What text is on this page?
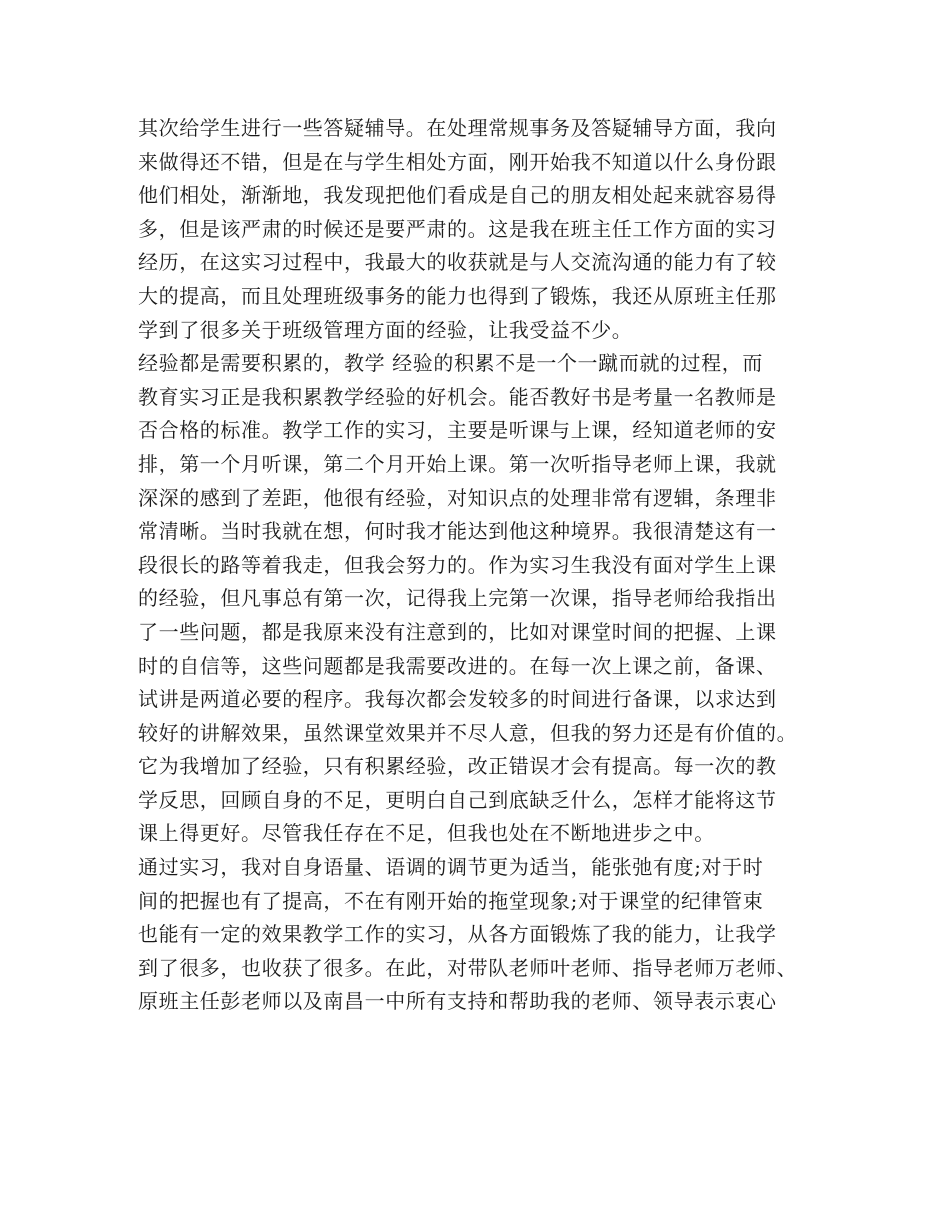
其次给学生进行一些答疑辅导。在处理常规事务及答疑辅导方面，我向
来做得还不错，但是在与学生相处方面，刚开始我不知道以什么身份跟
他们相处，渐渐地，我发现把他们看成是自己的朋友相处起来就容易得
多，但是该严肃的时候还是要严肃的。这是我在班主任工作方面的实习
经历，在这实习过程中，我最大的收获就是与人交流沟通的能力有了较
大的提高，而且处理班级事务的能力也得到了锻炼，我还从原班主任那
学到了很多关于班级管理方面的经验，让我受益不少。
经验都是需要积累的，教学 经验的积累不是一个一蹴而就的过程，而
教育实习正是我积累教学经验的好机会。能否教好书是考量一名教师是
否合格的标准。教学工作的实习，主要是听课与上课，经知道老师的安
排，第一个月听课，第二个月开始上课。第一次听指导老师上课，我就
深深的感到了差距，他很有经验，对知识点的处理非常有逻辑，条理非
常清晰。当时我就在想，何时我才能达到他这种境界。我很清楚这有一
段很长的路等着我走，但我会努力的。作为实习生我没有面对学生上课
的经验，但凡事总有第一次，记得我上完第一次课，指导老师给我指出
了一些问题，都是我原来没有注意到的，比如对课堂时间的把握、上课
时的自信等，这些问题都是我需要改进的。在每一次上课之前，备课、
试讲是两道必要的程序。我每次都会发较多的时间进行备课，以求达到
较好的讲解效果，虽然课堂效果并不尽人意，但我的努力还是有价值的。
它为我增加了经验，只有积累经验，改正错误才会有提高。每一次的教
学反思，回顾自身的不足，更明白自己到底缺乏什么，怎样才能将这节
课上得更好。尽管我任存在不足，但我也处在不断地进步之中。
通过实习，我对自身语量、语调的调节更为适当，能张弛有度;对于时
间的把握也有了提高，不在有刚开始的拖堂现象;对于课堂的纪律管束
也能有一定的效果教学工作的实习，从各方面锻炼了我的能力，让我学
到了很多，也收获了很多。在此，对带队老师叶老师、指导老师万老师、
原班主任彭老师以及南昌一中所有支持和帮助我的老师、领导表示衷心
